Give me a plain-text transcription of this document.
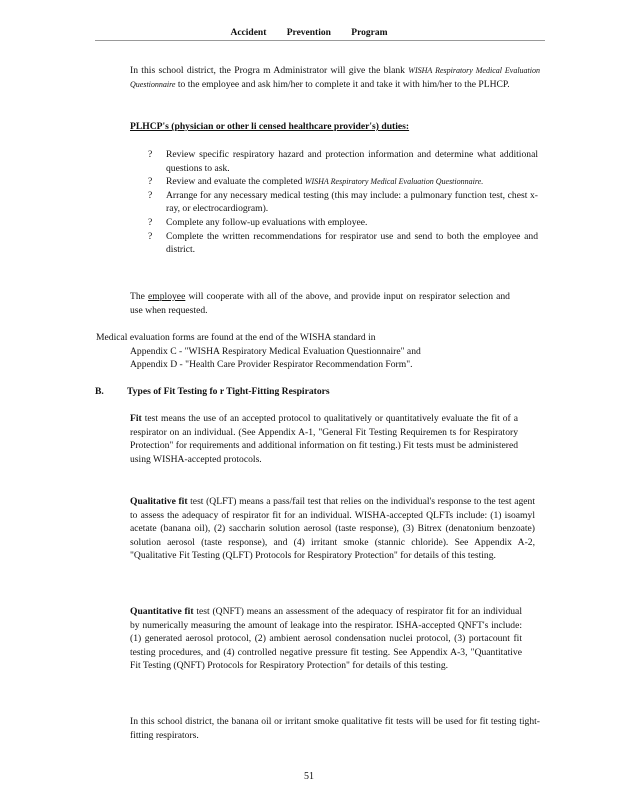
Accident Prevention Program
In this school district, the Progra m Administrator will give the blank WISHA Respiratory Medical Evaluation Questionnaire to the employee and ask him/her to complete it and take it with him/her to the PLHCP.
PLHCP's (physician or other li censed healthcare provider's) duties:
? Review specific respiratory hazard and protection information and determine what additional questions to ask.
? Review and evaluate the completed WISHA Respiratory Medical Evaluation Questionnaire.
? Arrange for any necessary medical testing (this may include: a pulmonary function test, chest x-ray, or electrocardiogram).
? Complete any follow-up evaluations with employee.
? Complete the written recommendations for respirator use and send to both the employee and district.
The employee will cooperate with all of the above, and provide input on respirator selection and use when requested.
Medical evaluation forms are found at the end of the WISHA standard in
Appendix C - "WISHA Respiratory Medical Evaluation Questionnaire" and
Appendix D - "Health Care Provider Respirator Recommendation Form".
B. Types of Fit Testing fo r Tight-Fitting Respirators
Fit test means the use of an accepted protocol to qualitatively or quantitatively evaluate the fit of a respirator on an individual. (See Appendix A-1, "General Fit Testing Requiremen ts for Respiratory Protection" for requirements and additional information on fit testing.) Fit tests must be administered using WISHA-accepted protocols.
Qualitative fit test (QLFT) means a pass/fail test that relies on the individual's response to the test agent to assess the adequacy of respirator fit for an individual. WISHA-accepted QLFTs include: (1) isoamyl acetate (banana oil), (2) saccharin solution aerosol (taste response), (3) Bitrex (denatonium benzoate) solution aerosol (taste response), and (4) irritant smoke (stannic chloride). See Appendix A-2, "Qualitative Fit Testing (QLFT) Protocols for Respiratory Protection" for details of this testing.
Quantitative fit test (QNFT) means an assessment of the adequacy of respirator fit for an individual by numerically measuring the amount of leakage into the respirator. ISHA-accepted QNFT's include: (1) generated aerosol protocol, (2) ambient aerosol condensation nuclei protocol, (3) portacount fit testing procedures, and (4) controlled negative pressure fit testing. See Appendix A-3, "Quantitative Fit Testing (QNFT) Protocols for Respiratory Protection" for details of this testing.
In this school district, the banana oil or irritant smoke qualitative fit tests will be used for fit testing tight-fitting respirators.
51
